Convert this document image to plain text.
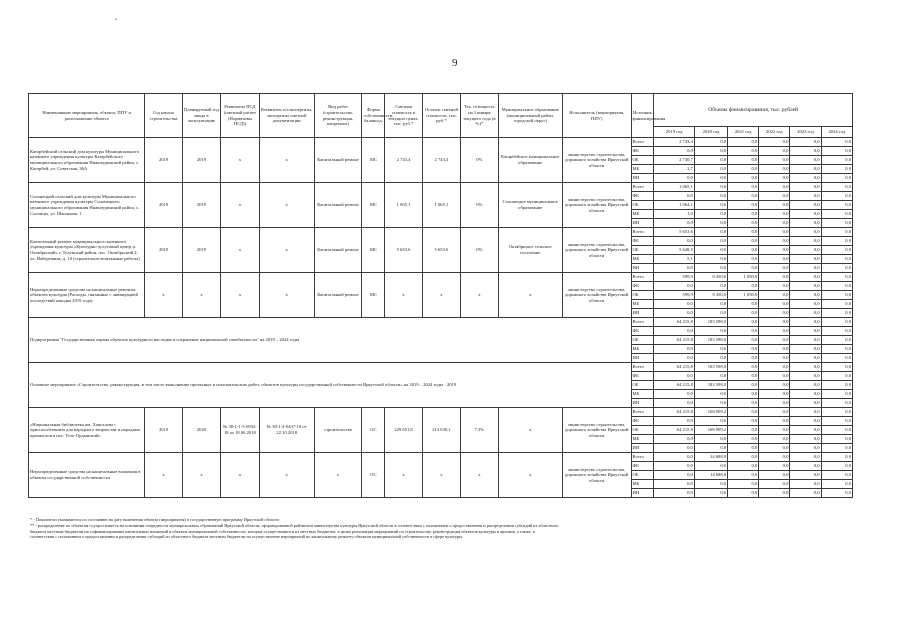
•
9
Наименование мероприятия, объекта, ППУ и расположение объекта	Год начала строительства	Планируемый год ввода в эксплуатацию	Реквизиты ПСД (сметный расчет (Нормативы ПСД))	Реквизиты госэкспертизы, экспертизы сметной документации	Вид работ (строительство, реконструкция, капремонт)	Форма собственности, балансод.	Сметная стоимость в текущих ценах, тыс. руб.*	Остаток сметной стоимости, тыс. руб.*	Тех. готовность на 1 января текущего года (в %)*	Муниципальное образование (муниципальный район, городской округ)	Исполнитель (мероприятия, ППУ)	Источник финансирования	Объемы финансирования, тыс. рублей					
													2019 год	2020 год	2021 год	2022 год	2023 год	2024 год
Катарбейский сельский дом культуры Муниципального казенного учреждения культуры Катарбейского муниципального образования Нижнеудинский район, с. Катарбей, ул. Советская, 36А	2019	2019	х	х	Капитальный ремонт	МС	2 743,4	2 743,4	0%	Катарбейское муниципальное образование	министерство строительства, дорожного хозяйства Иркутской области	Всего	2 743,4	0,0	0,0	0,0	0,0	0,0
												ФБ	0,0	0,0	0,0	0,0	0,0	0,0
												ОБ	2 740,7	0,0	0,0	0,0	0,0	0,0
												МБ	2,7	0,0	0,0	0,0	0,0	0,0
												ИИ	0,0	0,0	0,0	0,0	0,0	0,0
Солонецкий сельский дом культуры Муниципального казенного учреждения культуры Солонецкого муниципального образования Нижнеудинский район, с. Солонцы, ул. Школьная, 1	2019	2019	х	х	Капитальный ремонт	МС	1 065,1	1 065,1	0%	Солонецкое муниципальное образование	министерство строительства, дорожного хозяйства Иркутской области	Всего	1 065,1	0,0	0,0	0,0	0,0	0,0
												ФБ	0,0	0,0	0,0	0,0	0,0	0,0
												ОБ	1 064,1	0,0	0,0	0,0	0,0	0,0
												МБ	1,0	0,0	0,0	0,0	0,0	0,0
												ИИ	0,0	0,0	0,0	0,0	0,0	0,0
Капитальный ремонт муниципального казенного учреждения культуры «Культурно-досуговый центр п. Октябрьский» г. Тулунский район, пос. Октябрьский 2, ул. Набережная, д. 10 (строительно-монтажные работы)	2019	2019	х	х	Капитальный ремонт	МС	5 653,6	5 653,6	0%	Октябрьское сельское поселение	министерство строительства, дорожного хозяйства Иркутской области	Всего	5 653,6	0,0	0,0	0,0	0,0	0,0
												ФБ	0,0	0,0	0,0	0,0	0,0	0,0
												ОБ	5 648,5	0,0	0,0	0,0	0,0	0,0
												МБ	5,1	0,0	0,0	0,0	0,0	0,0
												ИИ	0,0	0,0	0,0	0,0	0,0	0,0
Нераспределенные средства на капитальные ремонты объектов культуры (Расходы, связанные с ликвидацией последствий паводка 2019 года)	х	х	х	х	Капитальный ремонт	МС	х	х	х	х	министерство строительства, дорожного хозяйства Иркутской области	Всего	599,9	9 450,0	1 050,0	0,0	0,0	0,0
												ФБ	0,0	0,0	0,0	0,0	0,0	0,0
												ОБ	599,9	9 450,0	1 050,0	0,0	0,0	0,0
												МБ	0,0	0,0	0,0	0,0	0,0	0,0
												ИИ	0,0	0,0	0,0	0,0	0,0	0,0
Подпрограмма "Государственная охрана объектов культурного наследия и сохранение национальной самобытности" на 2019 – 2024 годы												Всего	64 215,8	183 598,0	0,0	0,0	0,0	0,0
												ФБ	0,0	0,0	0,0	0,0	0,0	0,0
												ОБ	64 215,8	183 598,0	0,0	0,0	0,0	0,0
												МБ	0,0	0,0	0,0	0,0	0,0	0,0
												ИИ	0,0	0,0	0,0	0,0	0,0	0,0
Основное мероприятие «Строительство, реконструкция, в том числе выполнение проектных и изыскательских работ, объектов культуры государственной собственности Иркутской области» на 2019 – 2024 годы 2019												Всего	64 215,8	183 598,0	0,0	0,0	0,0	0,0
												ФБ	0,0	0,0	0,0	0,0	0,0	0,0
												ОБ	64 215,8	183 598,0	0,0	0,0	0,0	0,0
												МБ	0,0	0,0	0,0	0,0	0,0	0,0
												ИИ	0,0	0,0	0,0	0,0	0,0	0,0
«Национальная библиотека им. Хангалова с приспособлением для народного творчества и народных промыслов в пос. Усть-Ордынский»	2019	2020	№ 38-1-1-3-0932-18 от 18.06.2018	№ 38-1-4-0437-18 от 22.10.2018	строительство	ОС	229 651,8	213 630,1	7,3%	х	министерство строительства, дорожного хозяйства Иркутской области	Всего	64 215,8	168 909,2	0,0	0,0	0,0	0,0
												ФБ	0,0	0,0	0,0	0,0	0,0	0,0
												ОБ	64 215,8	168 909,2	0,0	0,0	0,0	0,0
												МБ	0,0	0,0	0,0	0,0	0,0	0,0
												ИИ	0,0	0,0	0,0	0,0	0,0	0,0
Нераспределенные средства на капитальные вложения в объекты государственной собственности	х	х	х	х	х	ОС	х	х	х	х	министерство строительства, дорожного хозяйства Иркутской области	Всего	0,0	14 688,8	0,0	0,0	0,0	0,0
												ФБ	0,0	0,0	0,0	0,0	0,0	0,0
												ОБ	0,0	14 688,8	0,0	0,0	0,0	0,0
												МБ	0,0	0,0	0,0	0,0	0,0	0,0
												ИИ	0,0	0,0	0,0	0,0	0,0	0,0
* - Показатели указываются по состоянию на дату включения объекта (мероприятия) в государственную программу Иркутской области
** - распределение по объектам осуществляется на основании очередности муниципальных образований Иркутской области, сформированной рейтингом министерства культуры Иркутской области в соответствии с положением о предоставлении и распределении субсидий из областного
бюджета местным бюджетам на софинансирование капитальных вложений в объекты муниципальной собственности, которые осуществляются из местных бюджетов, в целях реализации мероприятий по строительству, реконструкции объектов культуры и архивов, а также, в
соответствии с положением о предоставлении и распределении субсидий из областного бюджета местным бюджетам на осуществление мероприятий по капитальному ремонту объектов муниципальной собственности в сфере культуры.
